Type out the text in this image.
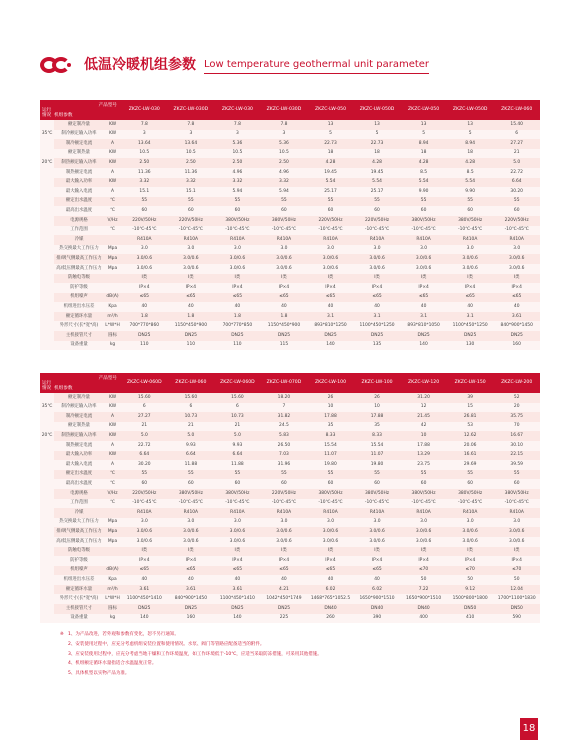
低温冷暖机组参数 Low temperature geothermal unit parameter
产品型号
运行
情况  机组参数			ZKZC-LW-030	ZKZC-LW-030D	ZKZC-LW-030	ZKZC-LW-030D	ZKZC-LW-050	ZKZC-LW-050D	ZKZC-LW-050	ZKZC-LW-050D	ZKZC-LW-060
	额定制冷量	KW	7.8	7.8	7.8	7.8	13	13	13	13	15.40
35℃	制冷额定输入功率	KW	3	3	3	3	5	5	5	5	6
	制冷额定电流	A	13.64	13.64	5.36	5.36	22.73	22.73	8.94	8.94	27.27
	额定制热量	KW	10.5	10.5	10.5	10.5	18	18	18	18	21
20℃	制热额定输入功率	KW	2.50	2.50	2.50	2.50	4.28	4.28	4.28	4.28	5.0
	制热额定电流	A	11.36	11.36	4.96	4.96	19.45	19.45	8.5	8.5	22.72
	最大输入功率	KW	3.32	3.32	3.32	3.32	5.54	5.54	5.54	5.54	6.64
	最大输入电流	A	15.1	15.1	5.94	5.94	25.17	25.17	9.90	9.90	30.20
	额定出水温度	℃	55	55	55	55	55	55	55	55	55
	最高出水温度	℃	60	60	60	60	60	60	60	60	60
	电源规格	V/Hz	220V/50Hz	220V/50Hz	380V/50Hz	380V/50Hz	220V/50Hz	220V/50Hz	380V/50Hz	380V/50Hz	220V/50Hz
	工作范围	℃	-10℃-45℃	-10℃-45℃	-10℃-45℃	-10℃-45℃	-10℃-45℃	-10℃-45℃	-10℃-45℃	-10℃-45℃	-10℃-45℃
	冷媒		R410A	R410A	R410A	R410A	R410A	R410A	R410A	R410A	R410A
	热交换最大工作压力	Mpa	3.0	3.0	3.0	3.0	3.0	3.0	3.0	3.0	3.0
	排/吸气侧最高工作压力	Mpa	3.0/0.6	3.0/0.6	3.0/0.6	3.0/0.6	3.0/0.6	3.0/0.6	3.0/0.6	3.0/0.6	3.0/0.6
	高/低压侧最高工作压力	Mpa	3.0/0.6	3.0/0.6	3.0/0.6	3.0/0.6	3.0/0.6	3.0/0.6	3.0/0.6	3.0/0.6	3.0/0.6
	防触电等级		I类	I类	I类	I类	I类	I类	I类	I类	I类
	防护等级		IP×4	IP×4	IP×4	IP×4	IP×4	IP×4	IP×4	IP×4	IP×4
	机组噪声	dB(A)	≤65	≤65	≤65	≤65	≤65	≤65	≤65	≤65	≤65
	机组进出水压差	Kpa	40	40	40	40	40	40	40	40	40
	额定循环水量	m³/h	1.8	1.8	1.8	1.8	3.1	3.1	3.1	3.1	3.61
	外形尺寸(长*宽*高)	L*W*H	700*770*860	1150*450*900	700*770*850	1150*450*900	893*810*1250	1100*450*1250	893*810*1050	1100*450*1250	840*900*1450
	主机接管尺寸	圆标	DN25	DN25	DN25	DN25	DN25	DN25	DN25	DN25	DN25
	设备重量	kg	110	110	110	115	140	135	140	130	160
产品型号
运行
情况  机组参数			ZKZC-LW-060D	ZKZC-LW-060	ZKZC-LW-060D	ZKZC-LW-070D	ZKZC-LW-100	ZKZC-LW-100	ZKZC-LW-120	ZKZC-LW-150	ZKZC-LW-200
	额定制冷量	KW	15.60	15.60	15.60	18.20	26	26	31.20	39	52
35℃	制冷额定输入功率	KW	6	6	6	7	10	10	12	15	20
	制冷额定电流	A	27.27	10.73	10.73	31.82	17.88	17.88	21.45	26.81	35.75
	额定制热量	KW	21	21	21	24.5	35	35	42	53	70
20℃	制热额定输入功率	KW	5.0	5.0	5.0	5.83	8.33	8.33	10	12.62	16.67
	制热额定电流	A	22.72	9.93	9.93	26.50	15.54	15.54	17.88	20.06	30.10
	最大输入功率	KW	6.64	6.64	6.64	7.03	11.07	11.07	13.29	16.61	22.15
	最大输入电流	A	30.20	11.88	11.88	31.96	19.80	19.80	23.75	29.69	39.59
	额定出水温度	℃	55	55	55	55	55	55	55	55	55
	最高出水温度	℃	60	60	60	60	60	60	60	60	60
	电源规格	V/Hz	220V/50Hz	380V/50Hz	380V/50Hz	220V/50Hz	380V/50Hz	380V/50Hz	380V/50Hz	380V/50Hz	380V/50Hz
	工作范围	℃	-10℃-45℃	-10℃-45℃	-10℃-45℃	-10℃-45℃	-10℃-45℃	-10℃-45℃	-10℃-45℃	-10℃-45℃	-10℃-45℃
	冷媒		R410A	R410A	R410A	R410A	R410A	R410A	R410A	R410A	R410A
	热交换最大工作压力	Mpa	3.0	3.0	3.0	3.0	3.0	3.0	3.0	3.0	3.0
	排/吸气侧最高工作压力	Mpa	3.0/0.6	3.0/0.6	3.0/0.6	3.0/0.6	3.0/0.6	3.0/0.6	3.0/0.6	3.0/0.6	3.0/0.6
	高/低压侧最高工作压力	Mpa	3.0/0.6	3.0/0.6	3.0/0.6	3.0/0.6	3.0/0.6	3.0/0.6	3.0/0.6	3.0/0.6	3.0/0.6
	防触电等级		I类	I类	I类	I类	I类	I类	I类	I类	I类
	防护等级		IP×4	IP×4	IP×4	IP×4	IP×4	IP×4	IP×4	IP×4	IP×4
	机组噪声	dB(A)	≤65	≤65	≤65	≤65	≤65	≤65	≤70	≤70	≤70
	机组进出水压差	Kpa	40	40	40	40	40	40	50	50	50
	额定循环水量	m³/h	3.61	3.61	3.61	4.21	6.02	6.02	7.22	9.12	12.04
	外形尺寸(长*宽*高)	L*W*H	1100*450*1410	840*900*1450	1100*450*1410	1042*450*1749	1468*765*1052.5	1650*900*1510	1650*900*1510	1500*800*1800	1700*1100*1830
	主机接管尺寸	圆标	DN25	DN25	DN25	DN25	DN40	DN40	DN40	DN50	DN50
	设备重量	kg	140	160	140	225	260	390	400	410	590
※ 1、为产品改进，若外观和参数有变化，恕不另行通知。
2、安装使用过程中，应充分考虑机组安装位置和使用情况。水泵、阀门等管路应配备适当的附件。
3、应安装使用过程中，应充分考虑当地干燥和工作环境温度，如工作环境低于-10℃，应适当采取防冻措施，可采用其他措施。
4、机组额定循环水量指适合水温温度正常。
5、具体机型以实物产品为准。
18
